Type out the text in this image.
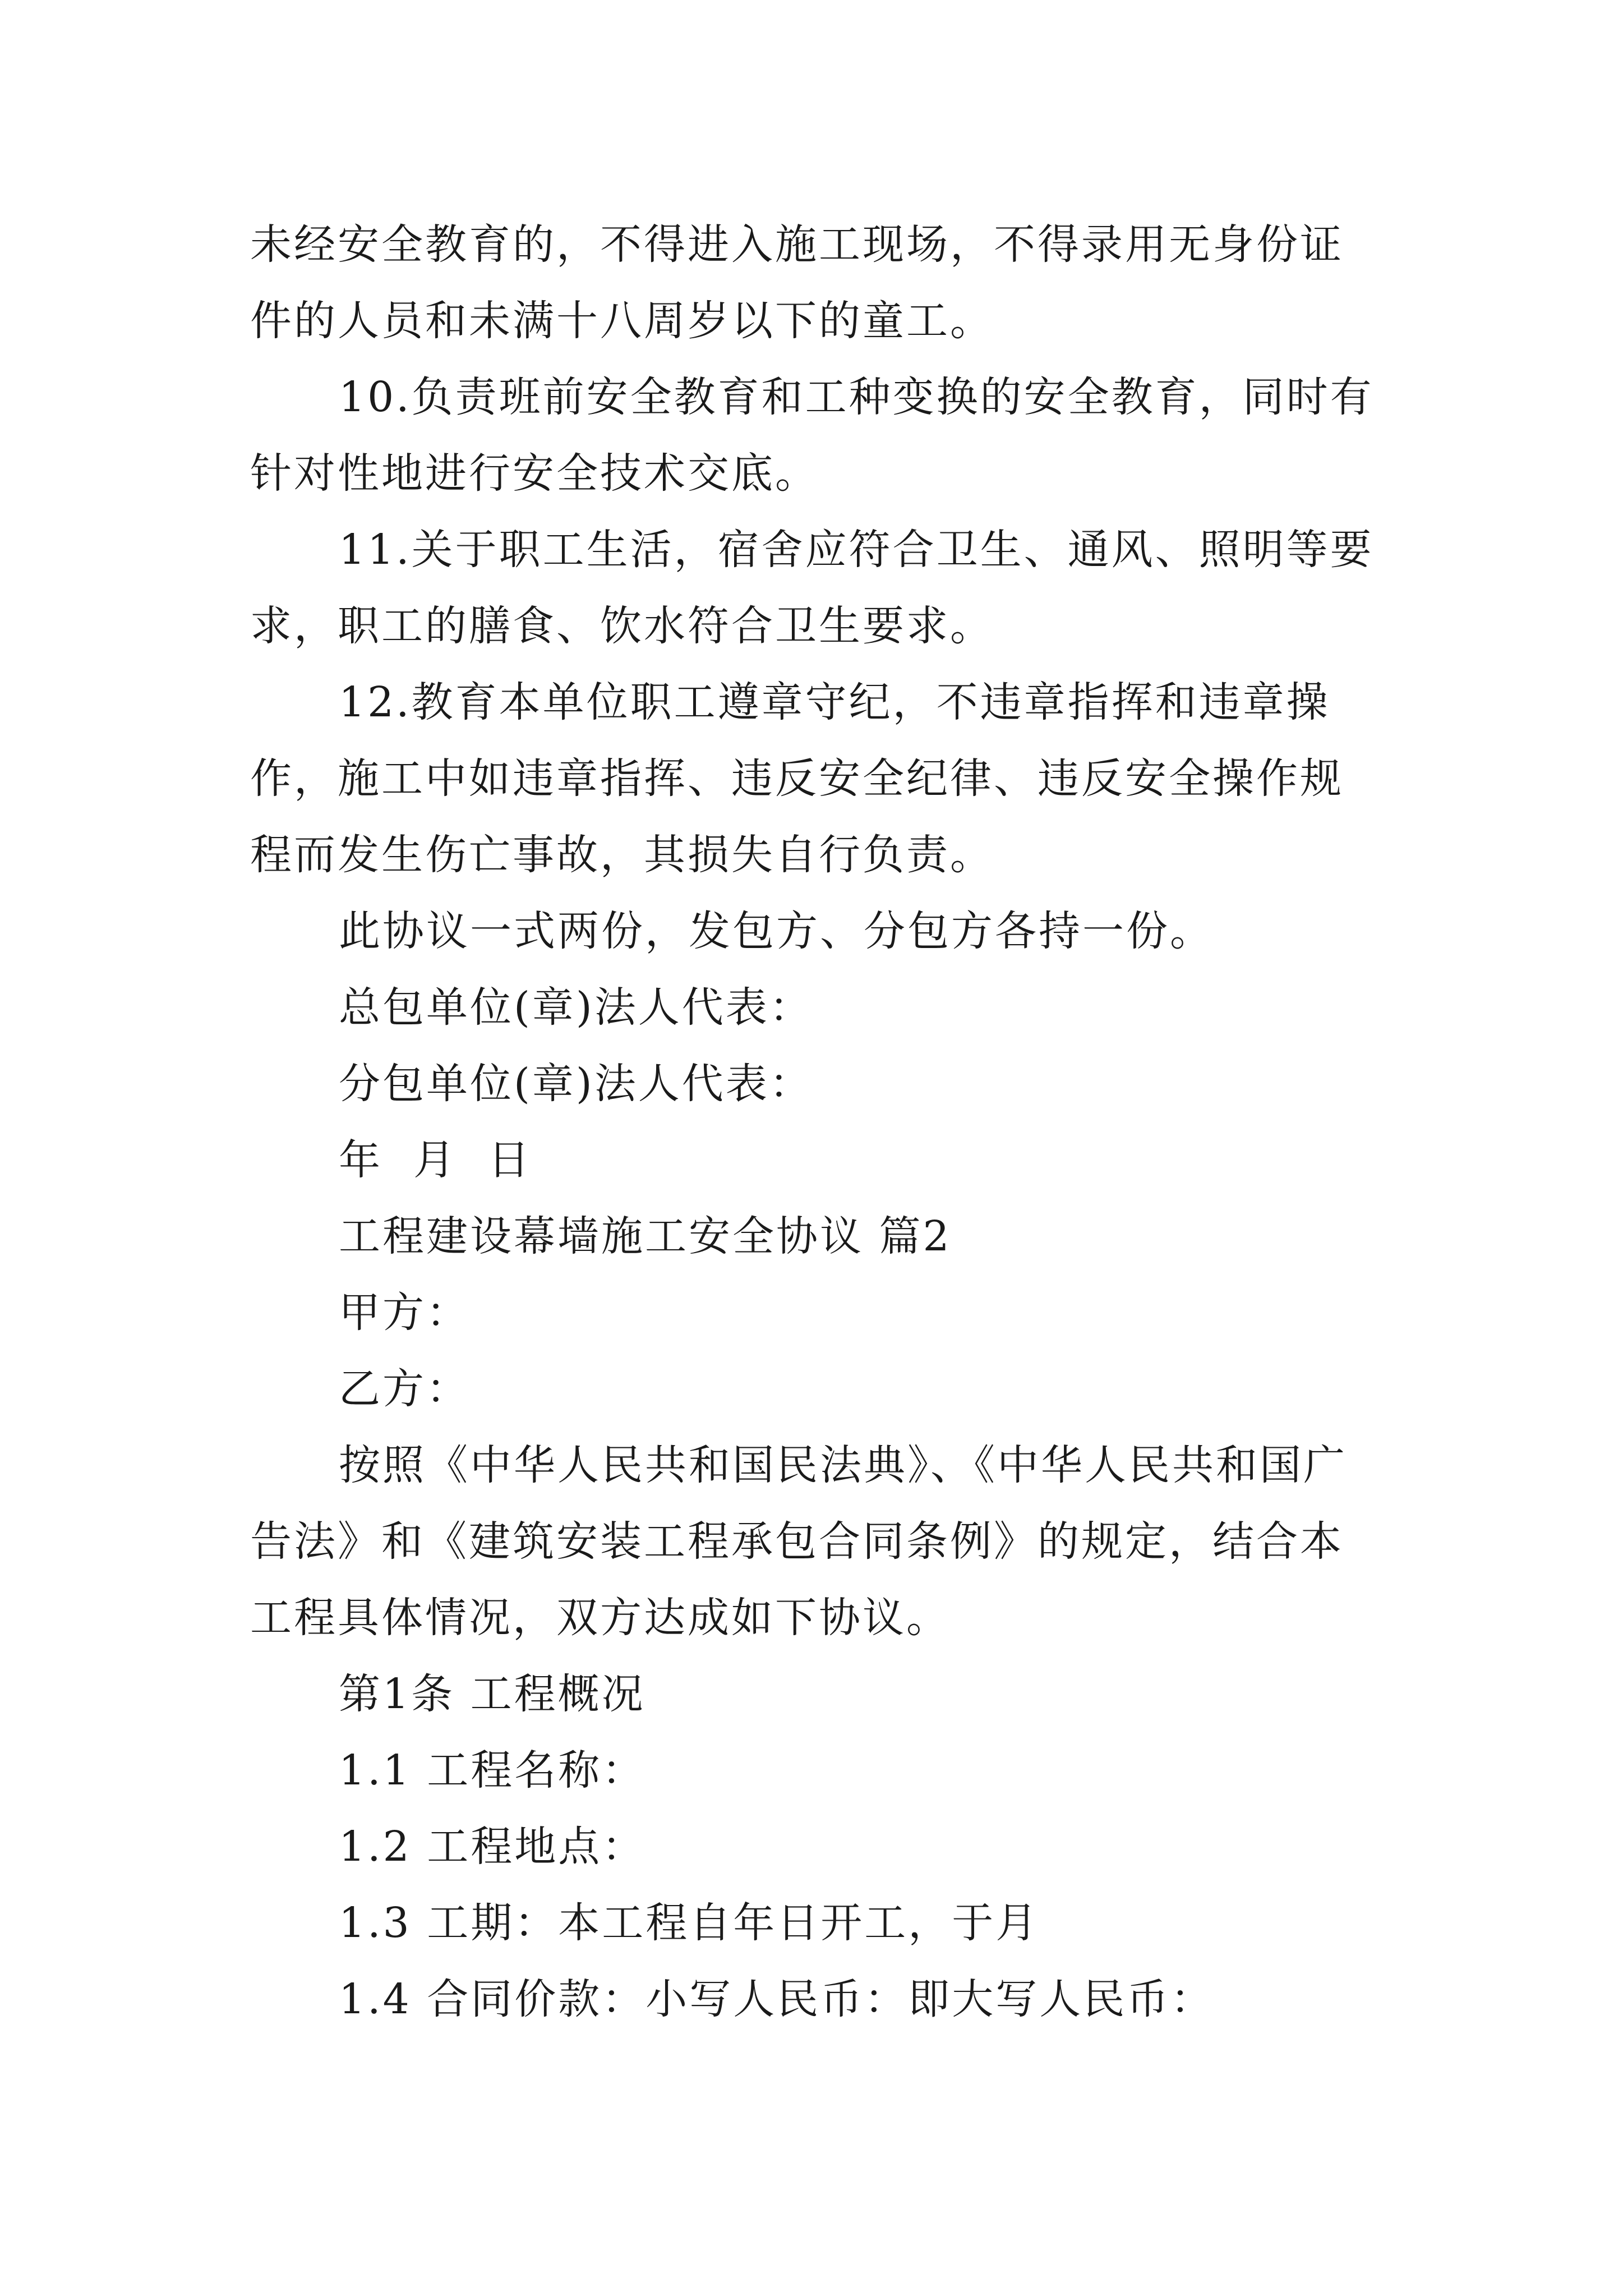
未经安全教育的，不得进入施工现场，不得录用无身份证件的人员和未满十八周岁以下的童工。

10.负责班前安全教育和工种变换的安全教育，同时有针对性地进行安全技术交底。

11.关于职工生活，宿舍应符合卫生、通风、照明等要求，职工的膳食、饮水符合卫生要求。

12.教育本单位职工遵章守纪，不违章指挥和违章操作，施工中如违章指挥、违反安全纪律、违反安全操作规程而发生伤亡事故，其损失自行负责。

此协议一式两份，发包方、分包方各持一份。

总包单位(章)法人代表：

分包单位(章)法人代表：

年  月  日

工程建设幕墙施工安全协议 篇2

甲方：

乙方：

按照《中华人民共和国民法典》、《中华人民共和国广告法》和《建筑安装工程承包合同条例》的规定，结合本工程具体情况，双方达成如下协议。

第1条 工程概况

1.1 工程名称：

1.2 工程地点：

1.3 工期：本工程自年日开工，于月

1.4 合同价款：小写人民币：即大写人民币：
